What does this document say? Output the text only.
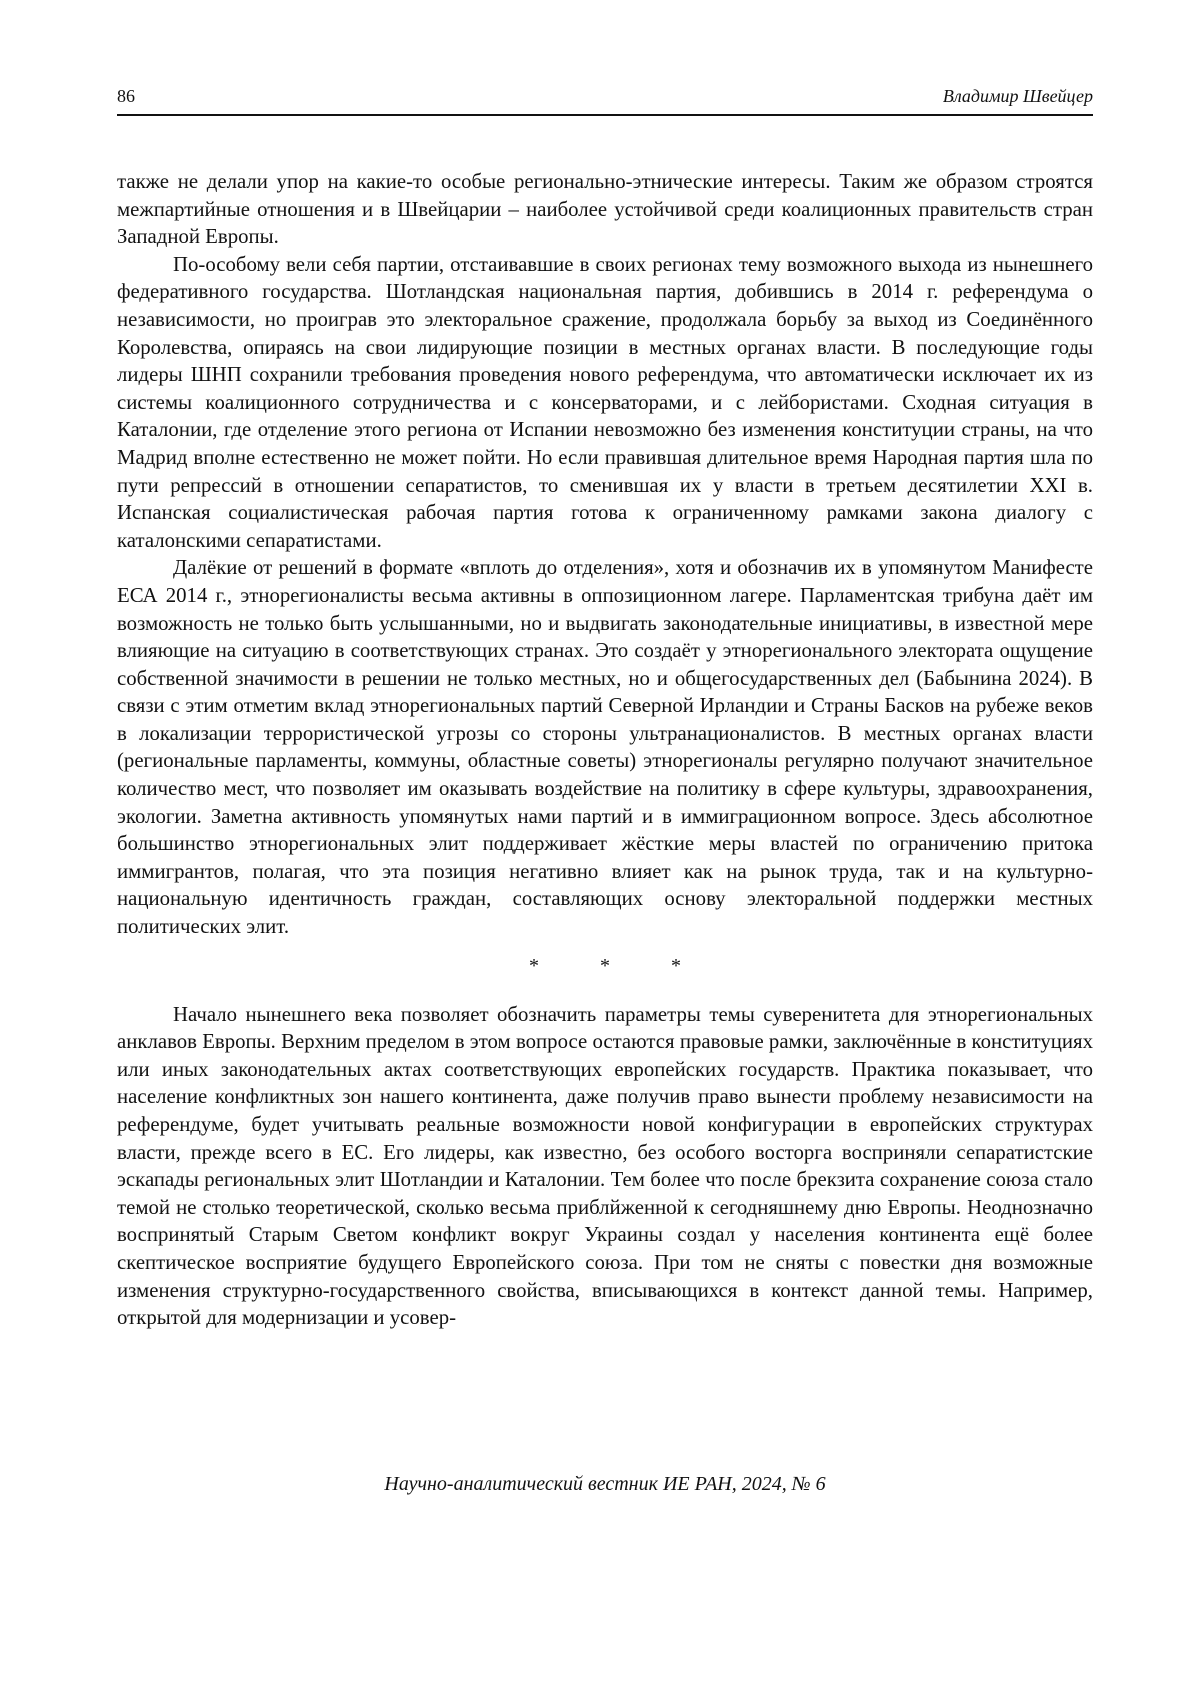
86	Владимир Швейцер

также не делали упор на какие-то особые регионально-этнические интересы. Таким же образом строятся межпартийные отношения и в Швейцарии – наиболее устойчивой среди коалиционных правительств стран Западной Европы.

По-особому вели себя партии, отстаивавшие в своих регионах тему возможного выхода из нынешнего федеративного государства. Шотландская национальная партия, добившись в 2014 г. референдума о независимости, но проиграв это электоральное сражение, продолжала борьбу за выход из Соединённого Королевства, опираясь на свои лидирующие позиции в местных органах власти. В последующие годы лидеры ШНП сохранили требования проведения нового референдума, что автоматически исключает их из системы коалиционного сотрудничества и с консерваторами, и с лейбористами. Сходная ситуация в Каталонии, где отделение этого региона от Испании невозможно без изменения конституции страны, на что Мадрид вполне естественно не может пойти. Но если правившая длительное время Народная партия шла по пути репрессий в отношении сепаратистов, то сменившая их у власти в третьем десятилетии XXI в. Испанская социалистическая рабочая партия готова к ограниченному рамками закона диалогу с каталонскими сепаратистами.

Далёкие от решений в формате «вплоть до отделения», хотя и обозначив их в упомянутом Манифесте ЕСА 2014 г., этнорегионалисты весьма активны в оппозиционном лагере. Парламентская трибуна даёт им возможность не только быть услышанными, но и выдвигать законодательные инициативы, в известной мере влияющие на ситуацию в соответствующих странах. Это создаёт у этнорегионального электората ощущение собственной значимости в решении не только местных, но и общегосударственных дел (Бабынина 2024). В связи с этим отметим вклад этнорегиональных партий Северной Ирландии и Страны Басков на рубеже веков в локализации террористической угрозы со стороны ультранационалистов. В местных органах власти (региональные парламенты, коммуны, областные советы) этнорегионалы регулярно получают значительное количество мест, что позволяет им оказывать воздействие на политику в сфере культуры, здравоохранения, экологии. Заметна активность упомянутых нами партий и в иммиграционном вопросе. Здесь абсолютное большинство этнорегиональных элит поддерживает жёсткие меры властей по ограничению притока иммигрантов, полагая, что эта позиция негативно влияет как на рынок труда, так и на культурно-национальную идентичность граждан, составляющих основу электоральной поддержки местных политических элит.

*	*	*

Начало нынешнего века позволяет обозначить параметры темы суверенитета для этнорегиональных анклавов Европы. Верхним пределом в этом вопросе остаются правовые рамки, заключённые в конституциях или иных законодательных актах соответствующих европейских государств. Практика показывает, что население конфликтных зон нашего континента, даже получив право вынести проблему независимости на референдуме, будет учитывать реальные возможности новой конфигурации в европейских структурах власти, прежде всего в ЕС. Его лидеры, как известно, без особого восторга восприняли сепаратистские эскапады региональных элит Шотландии и Каталонии. Тем более что после брекзита сохранение союза стало темой не столько теоретической, сколько весьма приблйженной к сегодняшнему дню Европы. Неоднозначно воспринятый Старым Светом конфликт вокруг Украины создал у населения континента ещё более скептическое восприятие будущего Европейского союза. При том не сняты с повестки дня возможные изменения структурно-государственного свойства, вписывающихся в контекст данной темы. Например, открытой для модернизации и усовер-

Научно-аналитический вестник ИЕ РАН, 2024, № 6
